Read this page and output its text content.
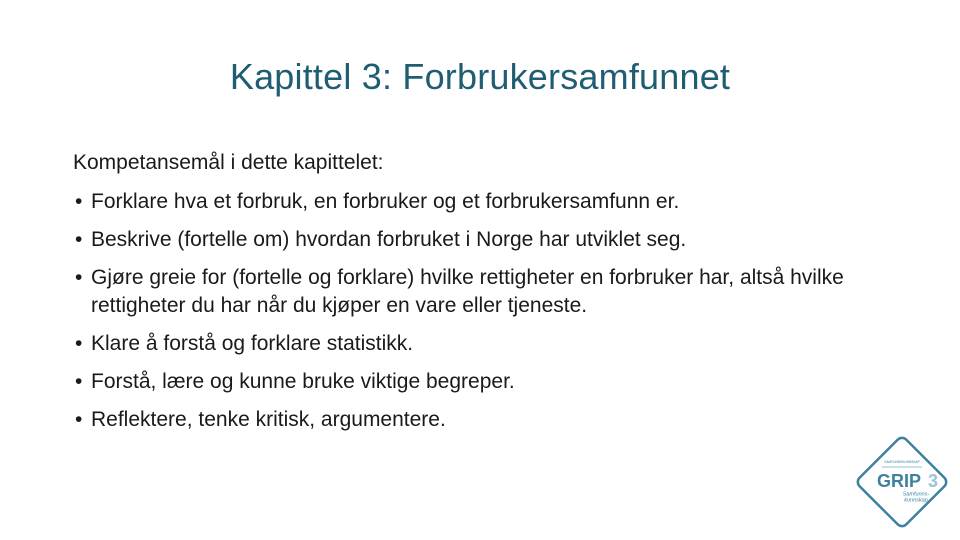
Kapittel 3: Forbrukersamfunnet

Kompetansemål i dette kapittelet:

• Forklare hva et forbruk, en forbruker og et forbrukersamfunn er.
• Beskrive (fortelle om) hvordan forbruket i Norge har utviklet seg.
• Gjøre greie for (fortelle og forklare) hvilke rettigheter en forbruker har, altså hvilke rettigheter du har når du kjøper en vare eller tjeneste.
• Klare å forstå og forklare statistikk.
• Forstå, lære og kunne bruke viktige begreper.
• Reflektere, tenke kritisk, argumentere.
SAMFUNNSKUNNSKAP
GRIP 3
Samfunns-
kunnskap
